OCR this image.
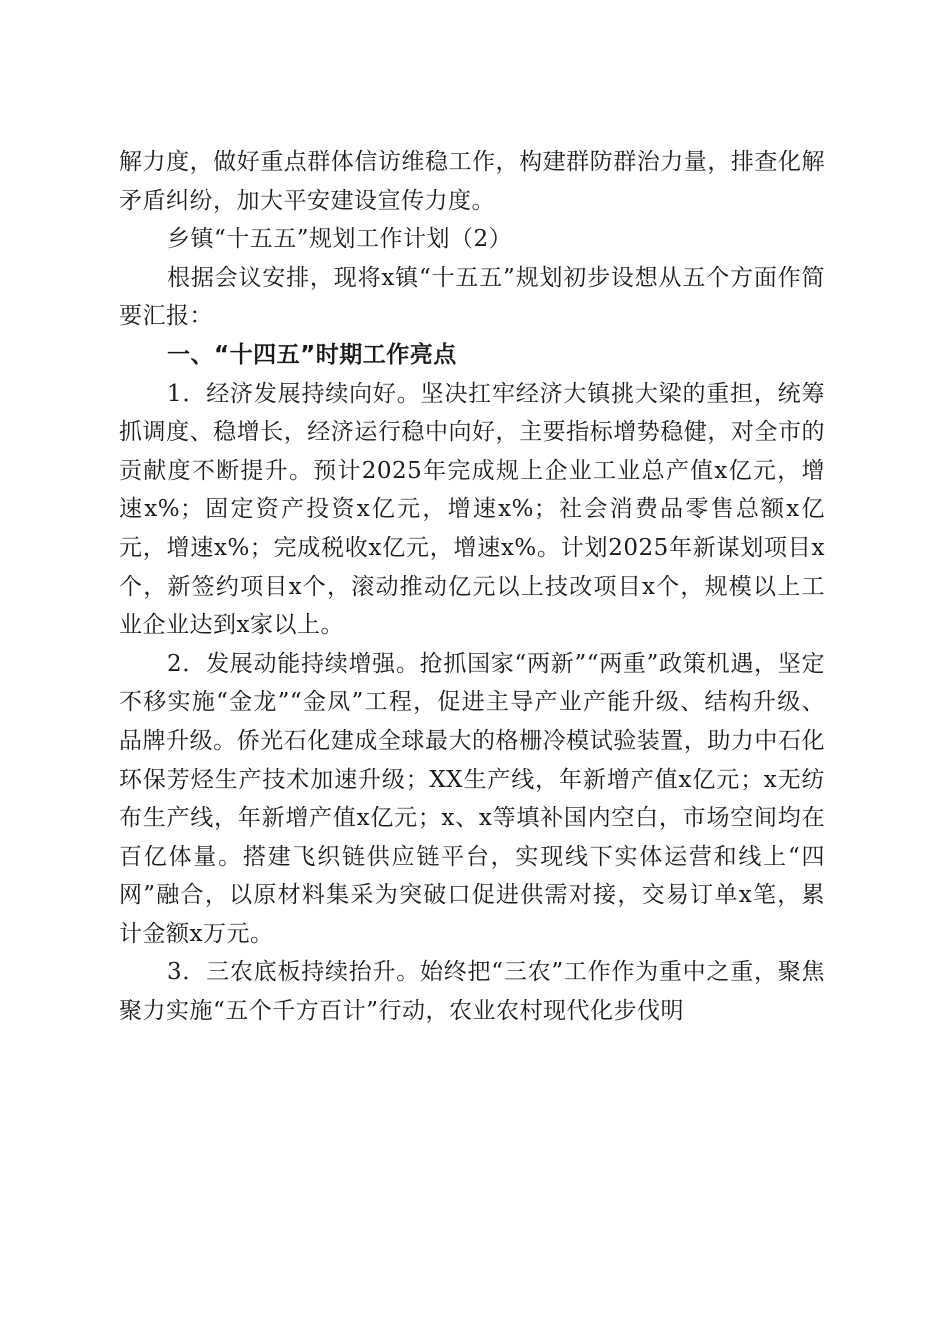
解力度，做好重点群体信访维稳工作，构建群防群治力量，排查化解矛盾纠纷，加大平安建设宣传力度。

乡镇“十五五”规划工作计划（2）

根据会议安排，现将x镇“十五五”规划初步设想从五个方面作简要汇报：

一、“十四五”时期工作亮点

1．经济发展持续向好。坚决扛牢经济大镇挑大梁的重担，统筹抓调度、稳增长，经济运行稳中向好，主要指标增势稳健，对全市的贡献度不断提升。预计2025年完成规上企业工业总产值x亿元，增速x%；固定资产投资x亿元，增速x%；社会消费品零售总额x亿元，增速x%；完成税收x亿元，增速x%。计划2025年新谋划项目x个，新签约项目x个，滚动推动亿元以上技改项目x个，规模以上工业企业达到x家以上。

2．发展动能持续增强。抢抓国家“两新”“两重”政策机遇，坚定不移实施“金龙”“金凤”工程，促进主导产业产能升级、结构升级、品牌升级。侨光石化建成全球最大的格栅冷模试验装置，助力中石化环保芳烃生产技术加速升级；XX生产线，年新增产值x亿元；x无纺布生产线，年新增产值x亿元；x、x等填补国内空白，市场空间均在百亿体量。搭建飞织链供应链平台，实现线下实体运营和线上“四网”融合，以原材料集采为突破口促进供需对接，交易订单x笔，累计金额x万元。

3．三农底板持续抬升。始终把“三农”工作作为重中之重，聚焦聚力实施“五个千方百计”行动，农业农村现代化步伐明
